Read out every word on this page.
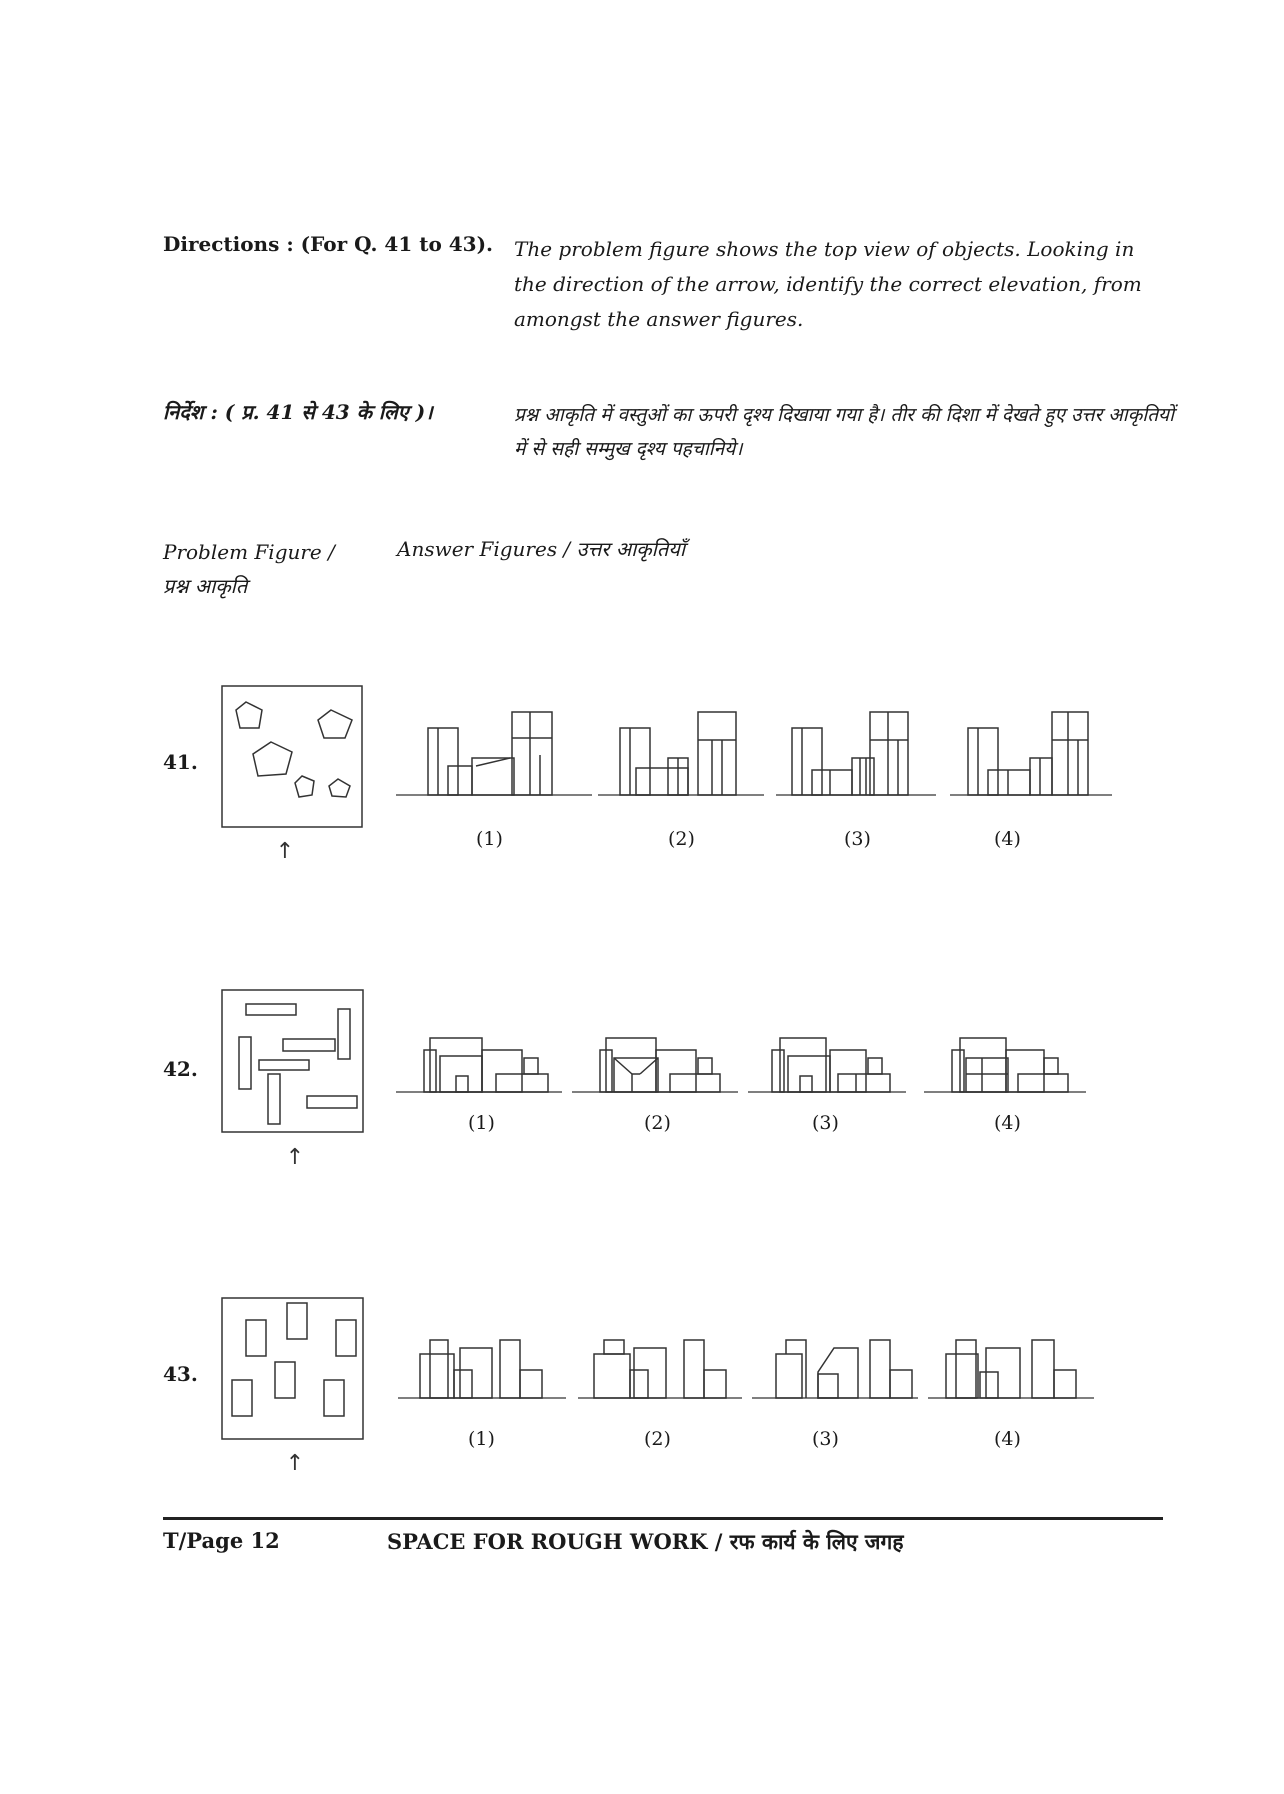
Directions : (For Q. 41 to 43). The problem figure shows the top view of objects. Looking in the direction of the arrow, identify the correct elevation, from amongst the answer figures.
निर्देश : ( प्र. 41 से 43 के लिए )।	प्रश्न आकृति में वस्तुओं का ऊपरी दृश्य दिखाया गया है। तीर की दिशा में देखते हुए उत्तर आकृतियों में से सही सम्मुख दृश्य पहचानिये।
Problem Figure /
प्रश्न आकृति
Answer Figures / उत्तर आकृतियाँ
41.
42.
43.
↑
↑
↑
(1)	(2)	(3)	(4)
(1)	(2)	(3)	(4)
(1)	(2)	(3)	(4)
T/Page 12	SPACE FOR ROUGH WORK / रफ कार्य के लिए जगह
